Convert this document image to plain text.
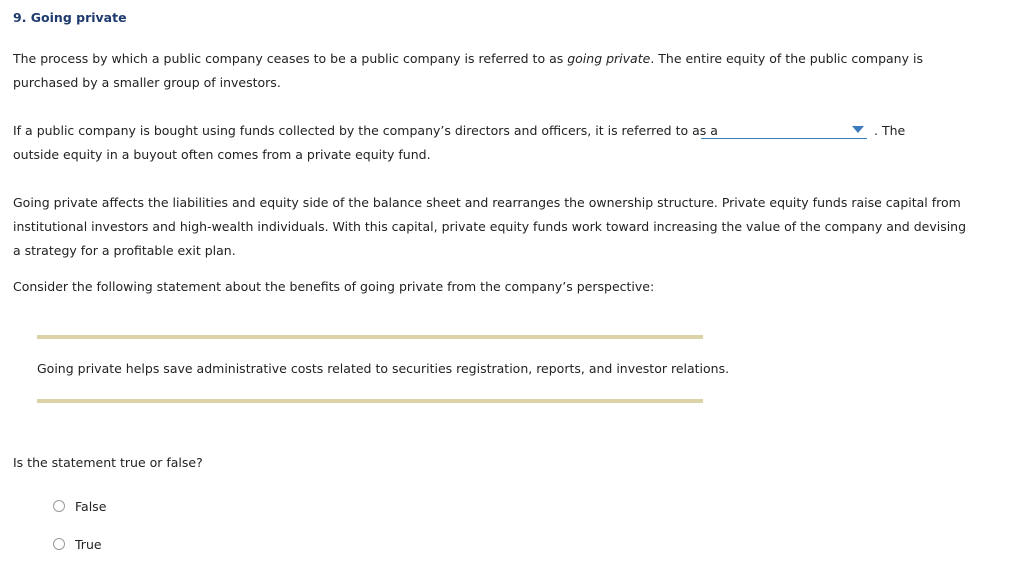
9. Going private
The process by which a public company ceases to be a public company is referred to as going private. The entire equity of the public company is purchased by a smaller group of investors.
If a public company is bought using funds collected by the company’s directors and officers, it is referred to as a	. The
outside equity in a buyout often comes from a private equity fund.
Going private affects the liabilities and equity side of the balance sheet and rearranges the ownership structure. Private equity funds raise capital from institutional investors and high-wealth individuals. With this capital, private equity funds work toward increasing the value of the company and devising a strategy for a profitable exit plan.
Consider the following statement about the benefits of going private from the company’s perspective:
Going private helps save administrative costs related to securities registration, reports, and investor relations.
Is the statement true or false?
False
True
